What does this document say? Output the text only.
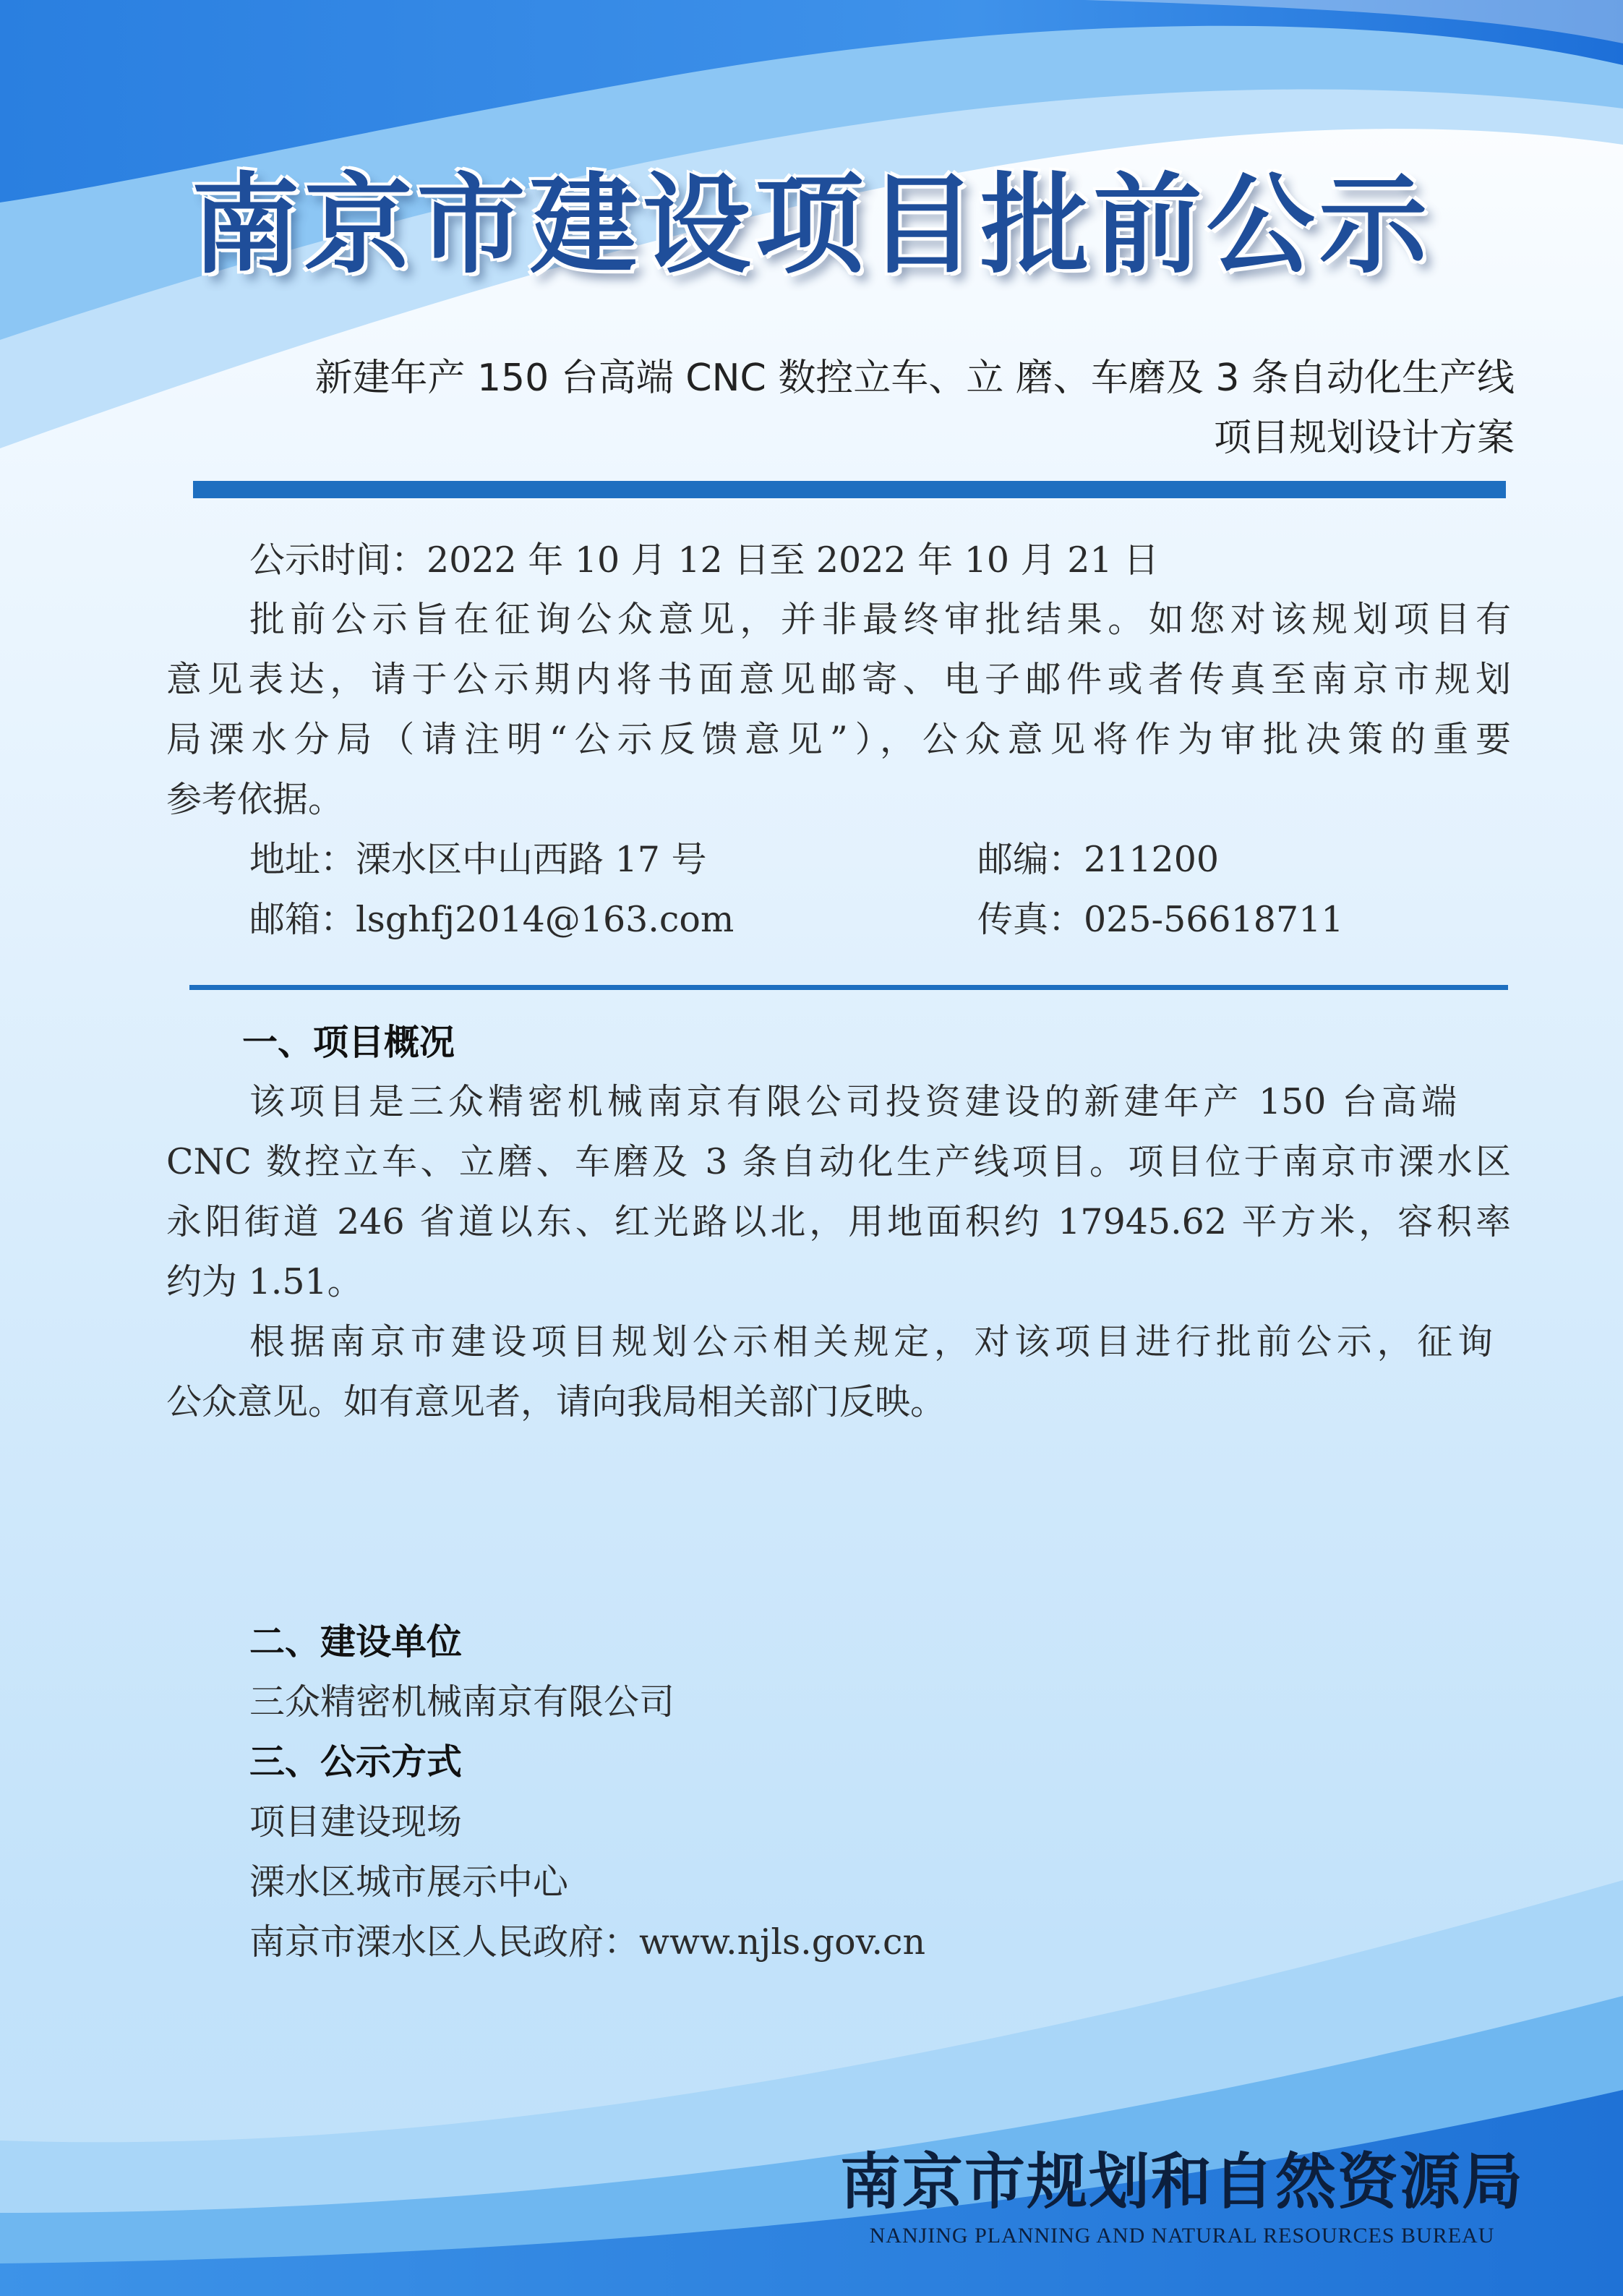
南京市建设项目批前公示
新建年产 150 台高端 CNC 数控立车、立 磨、车磨及 3 条自动化生产线
项目规划设计方案
公示时间：2022 年 10 月 12 日至 2022 年 10 月 21 日
批前公示旨在征询公众意见，并非最终审批结果。如您对该规划项目有
意见表达，请于公示期内将书面意见邮寄、电子邮件或者传真至南京市规划
局溧水分局（请注明“公示反馈意见”），公众意见将作为审批决策的重要
参考依据。
地址：溧水区中山西路 17 号	邮编：211200
邮箱：lsghfj2014@163.com	传真：025-56618711
一、项目概况
该项目是三众精密机械南京有限公司投资建设的新建年产 150 台高端
CNC 数控立车、立磨、车磨及 3 条自动化生产线项目。项目位于南京市溧水区
永阳街道 246 省道以东、红光路以北，用地面积约 17945.62 平方米，容积率
约为 1.51。
根据南京市建设项目规划公示相关规定，对该项目进行批前公示，征询
公众意见。如有意见者，请向我局相关部门反映。
二、建设单位
三众精密机械南京有限公司
三、公示方式
项目建设现场
溧水区城市展示中心
南京市溧水区人民政府：www.njls.gov.cn
南京市规划和自然资源局
NANJING PLANNING AND NATURAL RESOURCES BUREAU
